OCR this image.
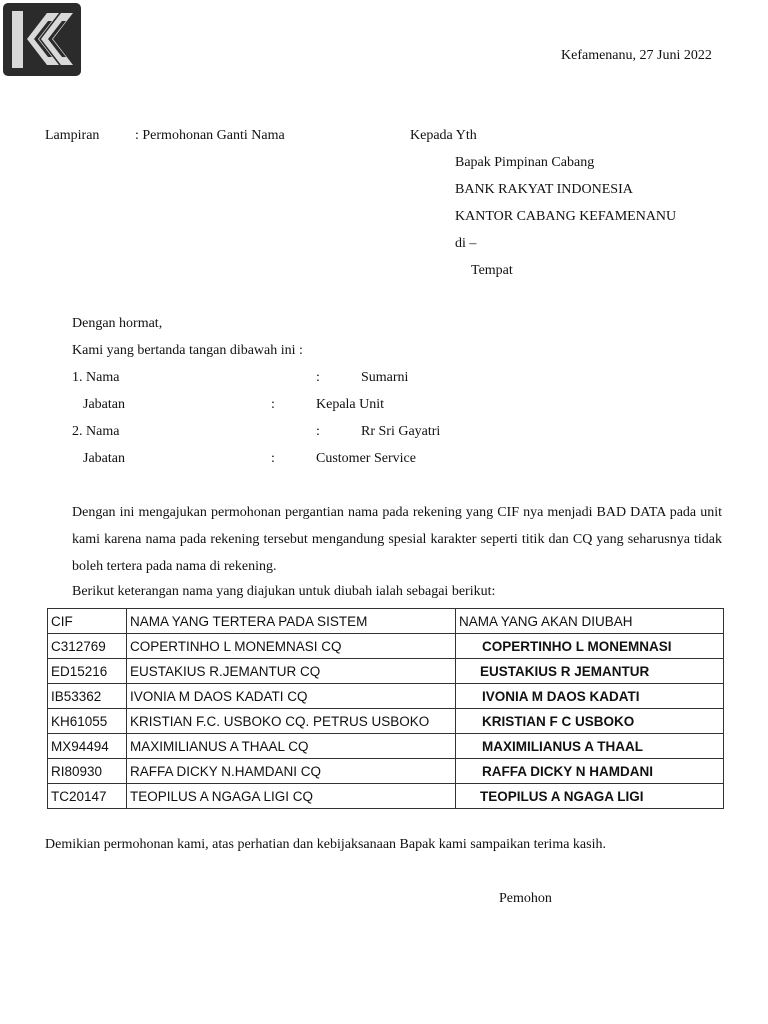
Kefamenanu, 27 Juni 2022
Lampiran	: Permohonan Ganti Nama	Kepada Yth
Bapak Pimpinan Cabang
BANK RAKYAT INDONESIA
KANTOR CABANG KEFAMENANU
di –
Tempat
Dengan hormat,
Kami yang bertanda tangan dibawah ini :
1. Nama	:	Sumarni
Jabatan	:	Kepala Unit
2. Nama	:	Rr Sri Gayatri
Jabatan	:	Customer Service
Dengan ini mengajukan permohonan pergantian nama pada rekening yang CIF nya menjadi BAD DATA pada unit kami karena nama pada rekening tersebut mengandung spesial karakter seperti titik dan CQ yang seharusnya tidak boleh tertera pada nama di rekening.
Berikut keterangan nama yang diajukan untuk diubah ialah sebagai berikut:
CIF	NAMA YANG TERTERA PADA SISTEM	NAMA YANG AKAN DIUBAH
C312769	COPERTINHO L MONEMNASI CQ	COPERTINHO L MONEMNASI
ED15216	EUSTAKIUS R.JEMANTUR CQ	EUSTAKIUS R JEMANTUR
IB53362	IVONIA M DAOS KADATI CQ	IVONIA M DAOS KADATI
KH61055	KRISTIAN F.C. USBOKO CQ. PETRUS USBOKO	KRISTIAN F C USBOKO
MX94494	MAXIMILIANUS A THAAL CQ	MAXIMILIANUS A THAAL
RI80930	RAFFA DICKY N.HAMDANI CQ	RAFFA DICKY N HAMDANI
TC20147	TEOPILUS A NGAGA LIGI CQ	TEOPILUS A NGAGA LIGI
Demikian permohonan kami, atas perhatian dan kebijaksanaan Bapak kami sampaikan terima kasih.
Pemohon
